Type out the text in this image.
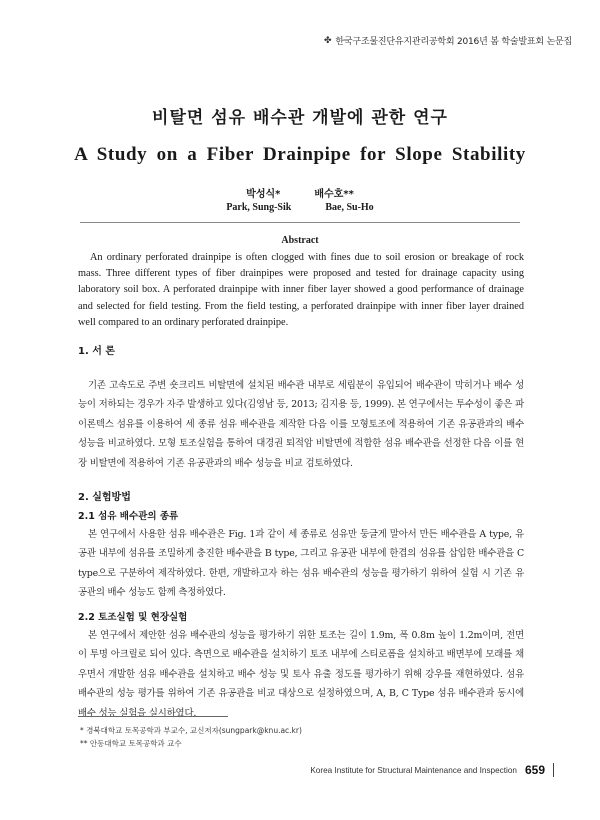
✤ 한국구조물진단유지관리공학회 2016년 봄 학술발표회 논문집
비탈면 섬유 배수관 개발에 관한 연구
A Study on a Fiber Drainpipe for Slope Stability
박성식*	배수호**
Park, Sung-Sik	Bae, Su-Ho
Abstract

An ordinary perforated drainpipe is often clogged with fines due to soil erosion or breakage of rock mass. Three different types of fiber drainpipes were proposed and tested for drainage capacity using laboratory soil box. A perforated drainpipe with inner fiber layer showed a good performance of drainage and selected for field testing. From the field testing, a perforated drainpipe with inner fiber layer drained well compared to an ordinary perforated drainpipe.

1. 서 론

기존 고속도로 주변 숏크리트 비탈면에 설치된 배수관 내부로 세립분이 유입되어 배수관이 막히거나 배수 성능이 저하되는 경우가 자주 발생하고 있다(김영남 등, 2013; 김지용 등, 1999). 본 연구에서는 투수성이 좋은 파이론텍스 섬유를 이용하여 세 종류 섬유 배수관을 제작한 다음 이를 모형토조에 적용하여 기존 유공관과의 배수 성능을 비교하였다. 모형 토조실험을 통하여 대경권 퇴적암 비탈면에 적합한 섬유 배수관을 선정한 다음 이를 현장 비탈면에 적용하여 기존 유공관과의 배수 성능을 비교 검토하였다.

2. 실험방법
2.1 섬유 배수관의 종류

본 연구에서 사용한 섬유 배수관은 Fig. 1과 같이 세 종류로 섬유만 둥글게 말아서 만든 배수관을 A type, 유공관 내부에 섬유를 조밀하게 충진한 배수관을 B type, 그리고 유공관 내부에 한겹의 섬유를 삽입한 배수관을 C type으로 구분하여 제작하였다. 한편, 개발하고자 하는 섬유 배수관의 성능을 평가하기 위하여 실험 시 기존 유공관의 배수 성능도 함께 측정하였다.

2.2 토조실험 및 현장실험

본 연구에서 제안한 섬유 배수관의 성능을 평가하기 위한 토조는 길이 1.9m, 폭 0.8m 높이 1.2m이며, 전면이 투명 아크릴로 되어 있다. 측면으로 배수관을 설치하기 토조 내부에 스티로폼을 설치하고 배면부에 모래를 채우면서 개발한 섬유 배수관을 설치하고 배수 성능 및 토사 유출 정도를 평가하기 위해 강우를 재현하였다. 섬유 배수관의 성능 평가를 위하여 기존 유공관을 비교 대상으로 설정하였으며, A, B, C Type 섬유 배수관과 동시에 배수 성능 실험을 실시하였다.

* 경북대학교 토목공학과 부교수, 교신저자(sungpark@knu.ac.kr)
** 안동대학교 토목공학과 교수
Korea Institute for Structural Maintenance and Inspection 659
